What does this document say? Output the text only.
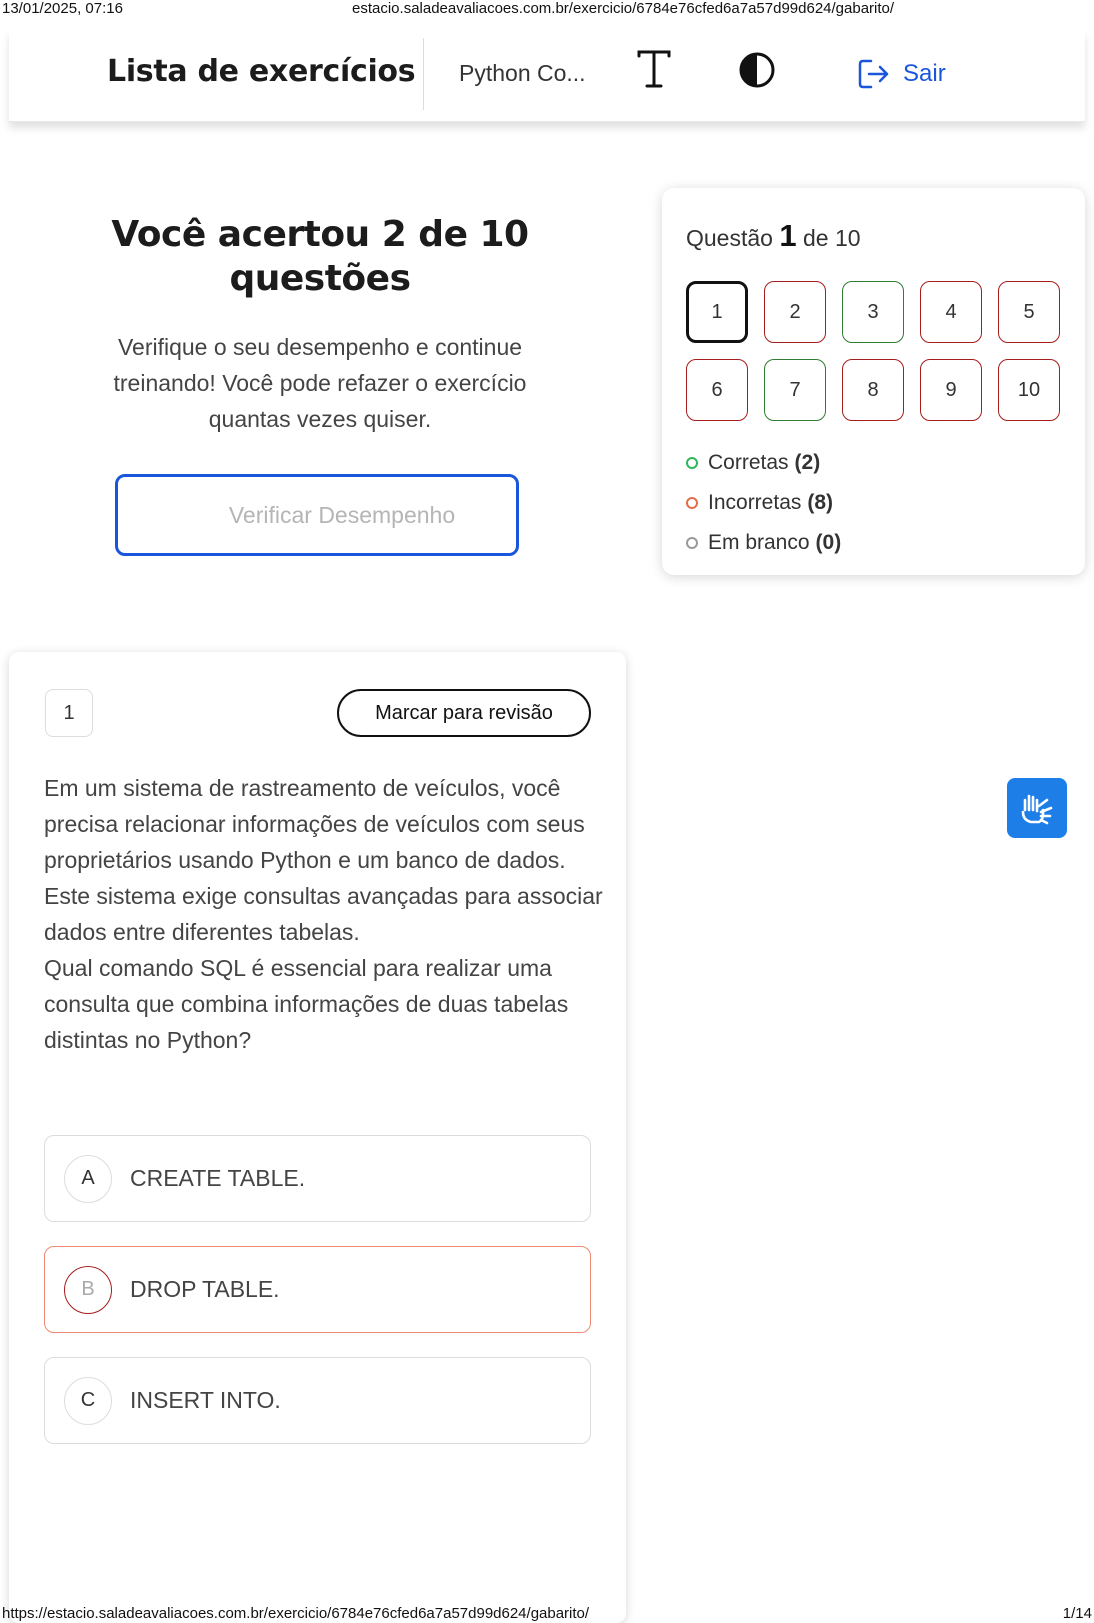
13/01/2025, 07:16	estacio.saladeavaliacoes.com.br/exercicio/6784e76cfed6a7a57d99d624/gabarito/
Lista de exercícios Python Co...	Sair
Você acertou 2 de 10 questões

Verifique o seu desempenho e continue treinando! Você pode refazer o exercício quantas vezes quiser.

Verificar Desempenho
Questão 1 de 10
1	2	3	4	5
6	7	8	9	10
Corretas (2)
Incorretas (8)
Em branco (0)
1	Marcar para revisão
Em um sistema de rastreamento de veículos, você precisa relacionar informações de veículos com seus proprietários usando Python e um banco de dados. Este sistema exige consultas avançadas para associar dados entre diferentes tabelas.
Qual comando SQL é essencial para realizar uma consulta que combina informações de duas tabelas distintas no Python?
A	CREATE TABLE.
B	DROP TABLE.
C	INSERT INTO.
https://estacio.saladeavaliacoes.com.br/exercicio/6784e76cfed6a7a57d99d624/gabarito/	1/14
